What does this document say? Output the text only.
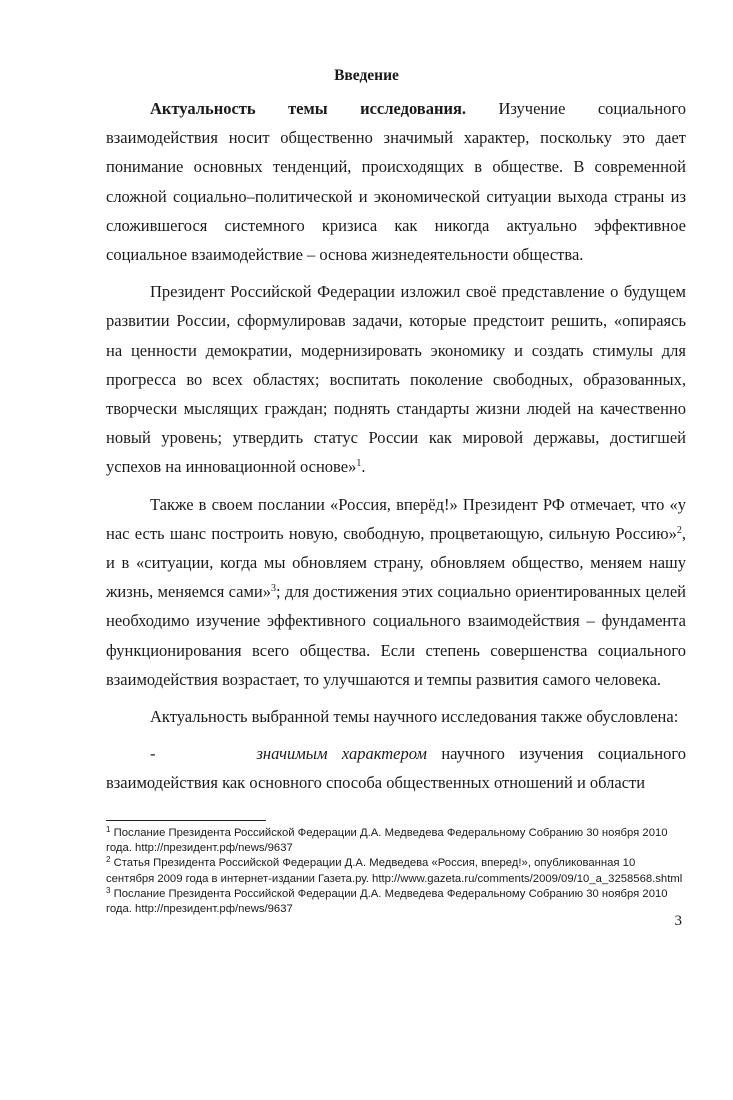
Введение

Актуальность темы исследования. Изучение социального взаимодействия носит общественно значимый характер, поскольку это дает понимание основных тенденций, происходящих в обществе. В современной сложной социально–политической и экономической ситуации выхода страны из сложившегося системного кризиса как никогда актуально эффективное социальное взаимодействие – основа жизнедеятельности общества.

Президент Российской Федерации изложил своё представление о будущем развитии России, сформулировав задачи, которые предстоит решить, «опираясь на ценности демократии, модернизировать экономику и создать стимулы для прогресса во всех областях; воспитать поколение свободных, образованных, творчески мыслящих граждан; поднять стандарты жизни людей на качественно новый уровень; утвердить статус России как мировой державы, достигшей успехов на инновационной основе»$^1$.

Также в своем послании «Россия, вперёд!» Президент РФ отмечает, что «у нас есть шанс построить новую, свободную, процветающую, сильную Россию»$^2$, и в «ситуации, когда мы обновляем страну, обновляем общество, меняем нашу жизнь, меняемся сами»$^3$; для достижения этих социально ориентированных целей необходимо изучение эффективного социального взаимодействия – фундамента функционирования всего общества. Если степень совершенства социального взаимодействия возрастает, то улучшаются и темпы развития самого человека.

Актуальность выбранной темы научного исследования также обусловлена:

-	значимым характером научного изучения социального взаимодействия как основного способа общественных отношений и области

$^1$ Послание Президента Российской Федерации Д.А. Медведева Федеральному Собранию 30 ноября 2010 года. http://президент.рф/news/9637

$^2$ Статья Президента Российской Федерации Д.А. Медведева «Россия, вперед!», опубликованная 10 сентября 2009 года в интернет-издании Газета.ру. http://www.gazeta.ru/comments/2009/09/10_a_3258568.shtml

$^3$ Послание Президента Российской Федерации Д.А. Медведева Федеральному Собранию 30 ноября 2010 года. http://президент.рф/news/9637

3
